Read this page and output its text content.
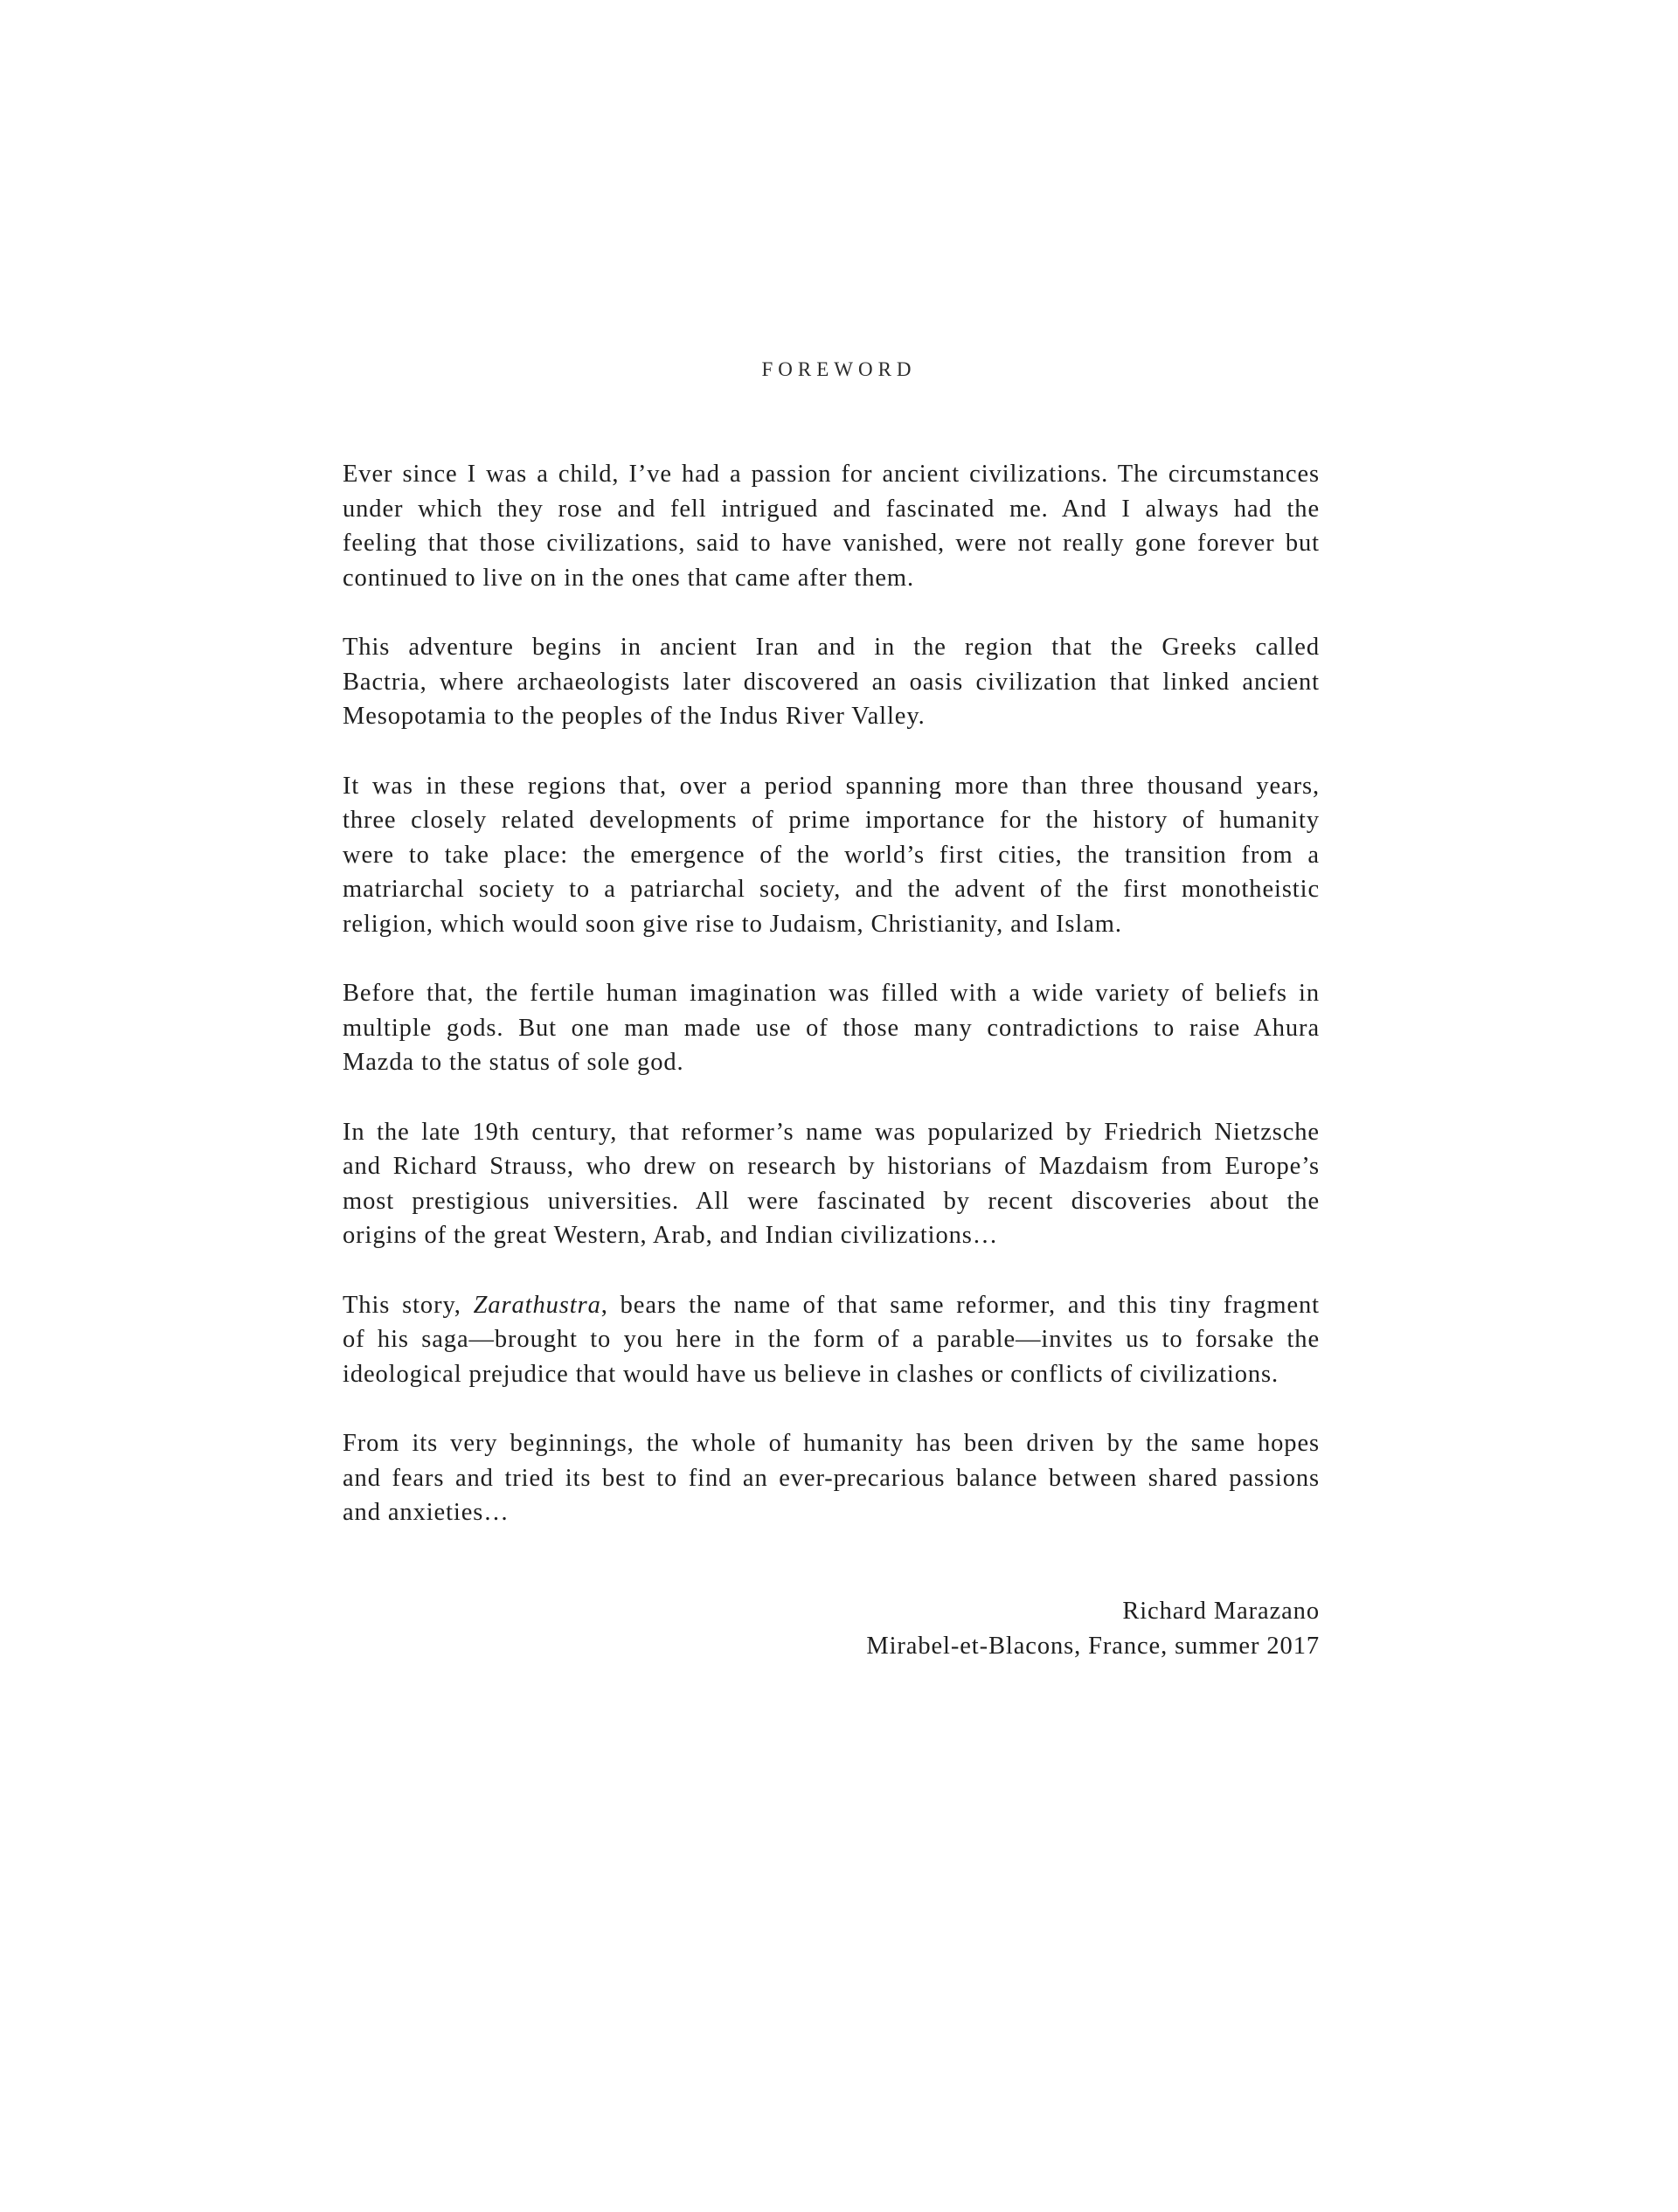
FOREWORD

Ever since I was a child, I’ve had a passion for ancient civilizations. The circumstances
under which they rose and fell intrigued and fascinated me. And I always had the
feeling that those civilizations, said to have vanished, were not really gone forever but
continued to live on in the ones that came after them.

This adventure begins in ancient Iran and in the region that the Greeks called
Bactria, where archaeologists later discovered an oasis civilization that linked ancient
Mesopotamia to the peoples of the Indus River Valley.

It was in these regions that, over a period spanning more than three thousand years,
three closely related developments of prime importance for the history of humanity
were to take place: the emergence of the world’s first cities, the transition from a
matriarchal society to a patriarchal society, and the advent of the first monotheistic
religion, which would soon give rise to Judaism, Christianity, and Islam.

Before that, the fertile human imagination was filled with a wide variety of beliefs in
multiple gods. But one man made use of those many contradictions to raise Ahura
Mazda to the status of sole god.

In the late 19th century, that reformer’s name was popularized by Friedrich Nietzsche
and Richard Strauss, who drew on research by historians of Mazdaism from Europe’s
most prestigious universities. All were fascinated by recent discoveries about the
origins of the great Western, Arab, and Indian civilizations…

This story, Zarathustra, bears the name of that same reformer, and this tiny fragment
of his saga—brought to you here in the form of a parable—invites us to forsake the
ideological prejudice that would have us believe in clashes or conflicts of civilizations.

From its very beginnings, the whole of humanity has been driven by the same hopes
and fears and tried its best to find an ever-precarious balance between shared passions
and anxieties…

Richard Marazano
Mirabel-et-Blacons, France, summer 2017
